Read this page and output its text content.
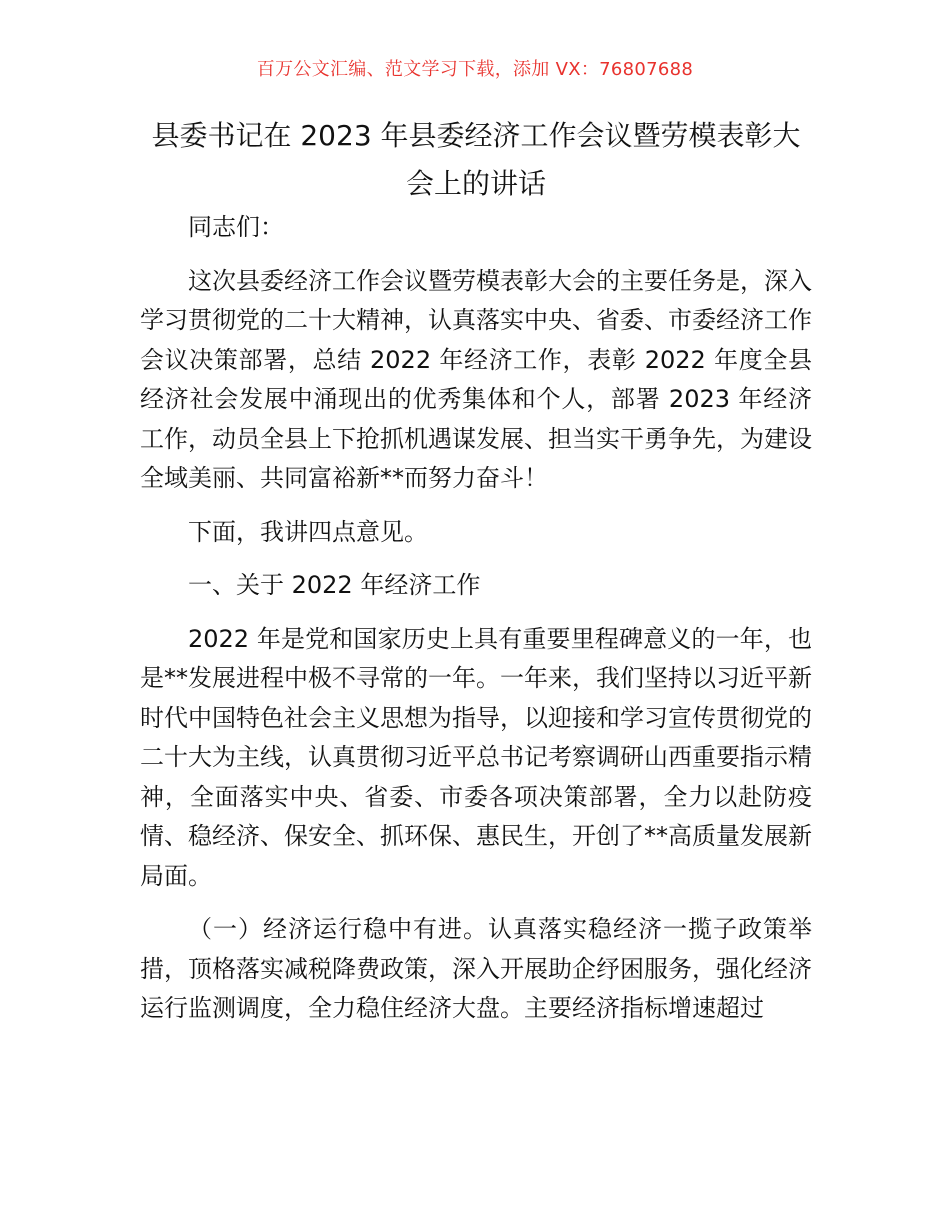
百万公文汇编、范文学习下载，添加 VX：76807688
县委书记在 2023 年县委经济工作会议暨劳模表彰大会上的讲话

同志们：

这次县委经济工作会议暨劳模表彰大会的主要任务是，深入学习贯彻党的二十大精神，认真落实中央、省委、市委经济工作会议决策部署，总结 2022 年经济工作，表彰 2022 年度全县经济社会发展中涌现出的优秀集体和个人，部署 2023 年经济工作，动员全县上下抢抓机遇谋发展、担当实干勇争先，为建设全域美丽、共同富裕新**而努力奋斗！

下面，我讲四点意见。

一、关于 2022 年经济工作

2022 年是党和国家历史上具有重要里程碑意义的一年，也是**发展进程中极不寻常的一年。一年来，我们坚持以习近平新时代中国特色社会主义思想为指导，以迎接和学习宣传贯彻党的二十大为主线，认真贯彻习近平总书记考察调研山西重要指示精神，全面落实中央、省委、市委各项决策部署，全力以赴防疫情、稳经济、保安全、抓环保、惠民生，开创了**高质量发展新局面。

（一）经济运行稳中有进。认真落实稳经济一揽子政策举措，顶格落实减税降费政策，深入开展助企纾困服务，强化经济运行监测调度，全力稳住经济大盘。主要经济指标增速超过
